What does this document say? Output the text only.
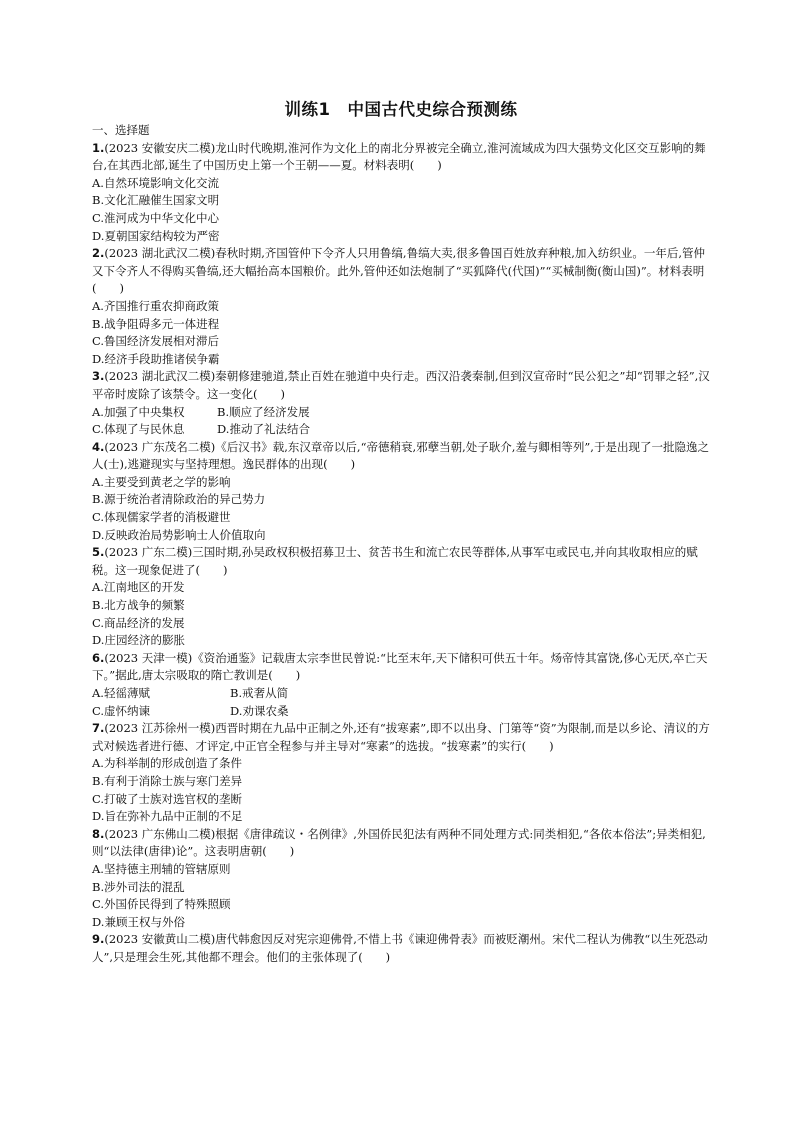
训练1　中国古代史综合预测练

一、选择题

1.(2023 安徽安庆二模)龙山时代晚期,淮河作为文化上的南北分界被完全确立,淮河流域成为四大强势文化区交互影响的舞台,在其西北部,诞生了中国历史上第一个王朝——夏。材料表明(　　)

A.自然环境影响文化交流

B.文化汇融催生国家文明

C.淮河成为中华文化中心

D.夏朝国家结构较为严密

2.(2023 湖北武汉二模)春秋时期,齐国管仲下令齐人只用鲁缟,鲁缟大卖,很多鲁国百姓放弃种粮,加入纺织业。一年后,管仲又下令齐人不得购买鲁缟,还大幅抬高本国粮价。此外,管仲还如法炮制了“买狐降代(代国)”“买械制衡(衡山国)”。材料表明(　　)

A.齐国推行重农抑商政策

B.战争阻碍多元一体进程

C.鲁国经济发展相对滞后

D.经济手段助推诸侯争霸

3.(2023 湖北武汉二模)秦朝修建驰道,禁止百姓在驰道中央行走。西汉沿袭秦制,但到汉宣帝时“民公犯之”却“罚罪之轻”,汉平帝时废除了该禁令。这一变化(　　)

A.加强了中央集权	B.顺应了经济发展
C.体现了与民休息	D.推动了礼法结合

4.(2023 广东茂名二模)《后汉书》载,东汉章帝以后,“帝德稍衰,邪孽当朝,处子耿介,羞与卿相等列”,于是出现了一批隐逸之人(士),逃避现实与坚持理想。逸民群体的出现(　　)

A.主要受到黄老之学的影响

B.源于统治者清除政治的异己势力

C.体现儒家学者的消极避世

D.反映政治局势影响士人价值取向

5.(2023 广东二模)三国时期,孙吴政权积极招募卫士、贫苦书生和流亡农民等群体,从事军屯或民屯,并向其收取相应的赋税。这一现象促进了(　　)

A.江南地区的开发

B.北方战争的频繁

C.商品经济的发展

D.庄园经济的膨胀

6.(2023 天津一模)《资治通鉴》记载唐太宗李世民曾说:“比至末年,天下储积可供五十年。炀帝恃其富饶,侈心无厌,卒亡天下。”据此,唐太宗吸取的隋亡教训是(　　)

A.轻徭薄赋	B.戒奢从简
C.虚怀纳谏	D.劝课农桑

7.(2023 江苏徐州一模)西晋时期在九品中正制之外,还有“拔寒素”,即不以出身、门第等“资”为限制,而是以乡论、清议的方式对候选者进行德、才评定,中正官全程参与并主导对“寒素”的选拔。“拔寒素”的实行(　　)

A.为科举制的形成创造了条件

B.有利于消除士族与寒门差异

C.打破了士族对选官权的垄断

D.旨在弥补九品中正制的不足

8.(2023 广东佛山二模)根据《唐律疏议・名例律》,外国侨民犯法有两种不同处理方式:同类相犯,“各依本俗法”;异类相犯,则“以法律(唐律)论”。这表明唐朝(　　)

A.坚持德主刑辅的管辖原则

B.涉外司法的混乱

C.外国侨民得到了特殊照顾

D.兼顾王权与外俗

9.(2023 安徽黄山二模)唐代韩愈因反对宪宗迎佛骨,不惜上书《谏迎佛骨表》而被贬潮州。宋代二程认为佛教“以生死恐动人”,只是理会生死,其他都不理会。他们的主张体现了(　　)
